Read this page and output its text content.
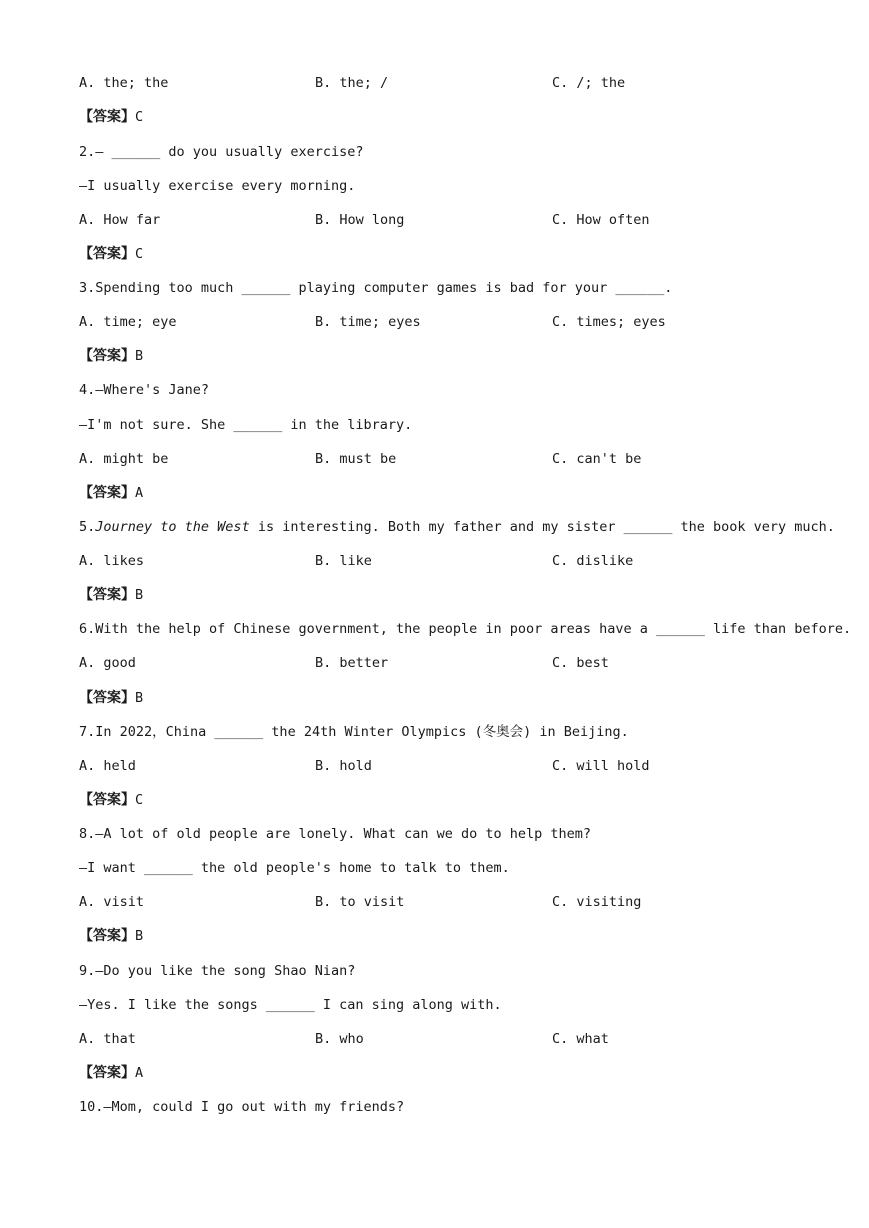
A. the; the	B. the; /	C. /; the
【答案】C
2.— ______ do you usually exercise?
—I usually exercise every morning.
A. How far	B. How long	C. How often
【答案】C
3.Spending too much ______ playing computer games is bad for your ______.
A. time; eye	B. time; eyes	C. times; eyes
【答案】B
4.—Where's Jane?
—I'm not sure. She ______ in the library.
A. might be	B. must be	C. can't be
【答案】A
5.Journey to the West is interesting. Both my father and my sister ______ the book very much.
A. likes	B. like	C. dislike
【答案】B
6.With the help of Chinese government, the people in poor areas have a ______ life than before.
A. good	B. better	C. best
【答案】B
7.In 2022，China ______ the 24th Winter Olympics (冬奥会) in Beijing.
A. held	B. hold	C. will hold
【答案】C
8.—A lot of old people are lonely. What can we do to help them?
—I want ______ the old people's home to talk to them.
A. visit	B. to visit	C. visiting
【答案】B
9.—Do you like the song Shao Nian?
—Yes. I like the songs ______ I can sing along with.
A. that	B. who	C. what
【答案】A
10.—Mom, could I go out with my friends?
